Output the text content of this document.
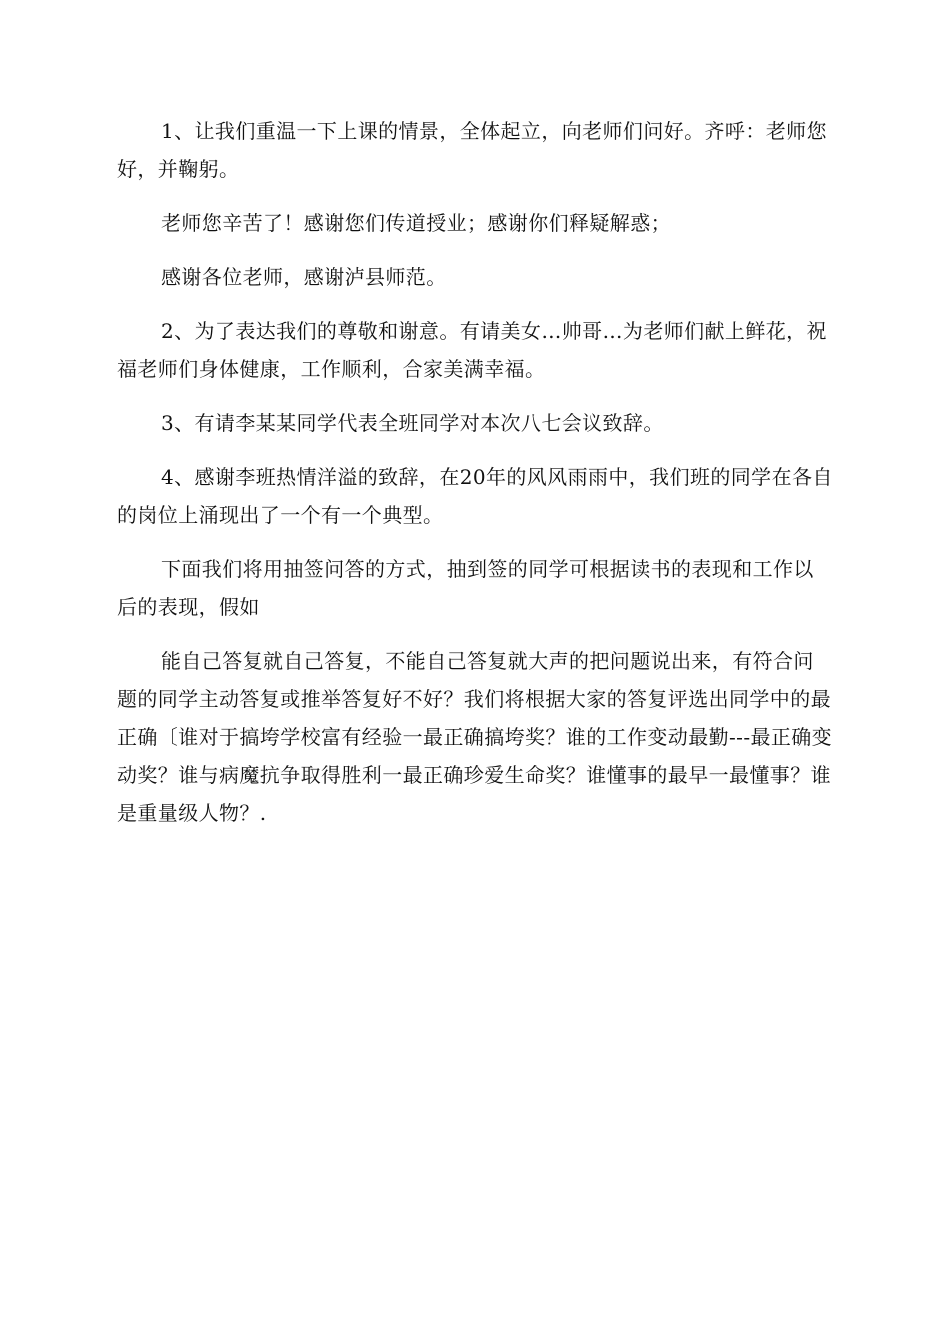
1、让我们重温一下上课的情景，全体起立，向老师们问好。齐呼：老师您好，并鞠躬。

老师您辛苦了！感谢您们传道授业；感谢你们释疑解惑；

感谢各位老师，感谢泸县师范。

2、为了表达我们的尊敬和谢意。有请美女…帅哥…为老师们献上鲜花，祝福老师们身体健康，工作顺利，合家美满幸福。

3、有请李某某同学代表全班同学对本次八七会议致辞。

4、感谢李班热情洋溢的致辞，在20年的风风雨雨中，我们班的同学在各自的岗位上涌现出了一个有一个典型。

下面我们将用抽签问答的方式，抽到签的同学可根据读书的表现和工作以后的表现，假如

能自己答复就自己答复，不能自己答复就大声的把问题说出来，有符合问题的同学主动答复或推举答复好不好？我们将根据大家的答复评选出同学中的最正确〔谁对于搞垮学校富有经验一最正确搞垮奖？谁的工作变动最勤---最正确变动奖？谁与病魔抗争取得胜利一最正确珍爱生命奖？谁懂事的最早一最懂事？谁是重量级人物？.
